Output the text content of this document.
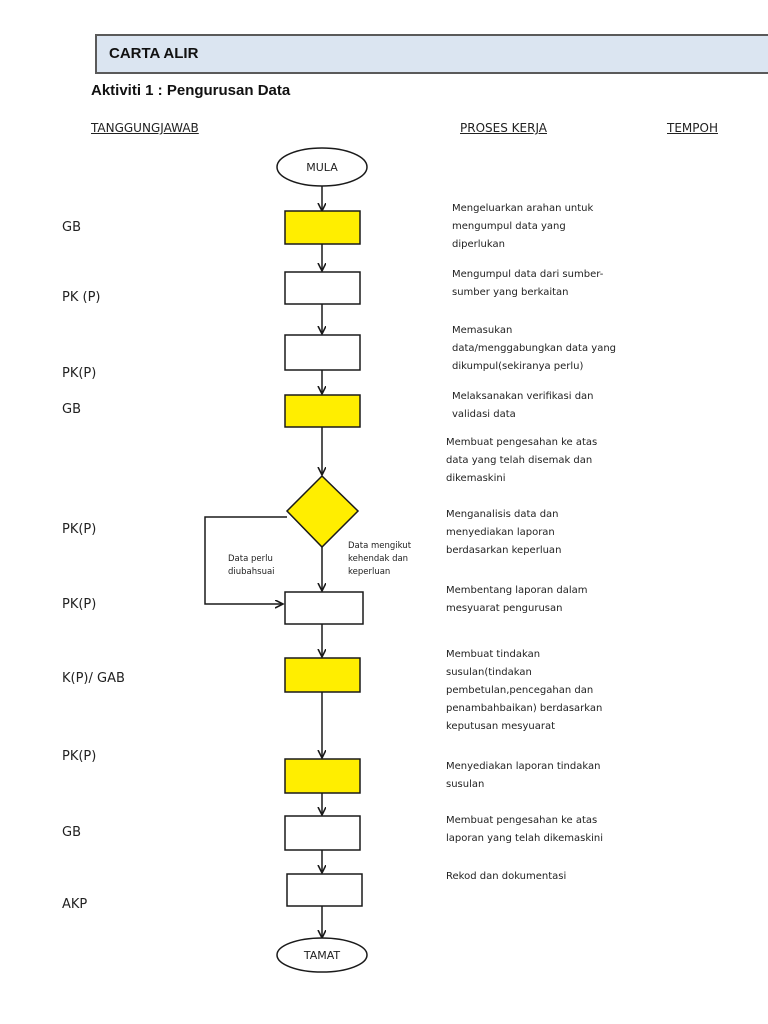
CARTA ALIR
Aktiviti 1 : Pengurusan Data
TANGGUNGJAWAB	PROSES KERJA	TEMPOH
GB
PK (P)
PK(P)
GB
PK(P)
PK(P)
K(P)/ GAB
PK(P)
GB
AKP
Mengeluarkan arahan untuk mengumpul data yang diperlukan
Mengumpul data dari sumber-sumber yang berkaitan
Memasukan data/menggabungkan data yang dikumpul(sekiranya perlu)
Melaksanakan verifikasi dan validasi data
Membuat pengesahan ke atas data yang telah disemak dan dikemaskini
Menganalisis data dan menyediakan laporan berdasarkan keperluan
Membentang laporan dalam mesyuarat pengurusan
Membuat tindakan susulan(tindakan pembetulan,pencegahan dan penambahbaikan) berdasarkan keputusan mesyuarat
Menyediakan laporan tindakan susulan
Membuat pengesahan ke atas laporan yang telah dikemaskini
Rekod dan dokumentasi
MULA
TAMAT
Data perlu diubahsuai
Data mengikut kehendak dan keperluan
